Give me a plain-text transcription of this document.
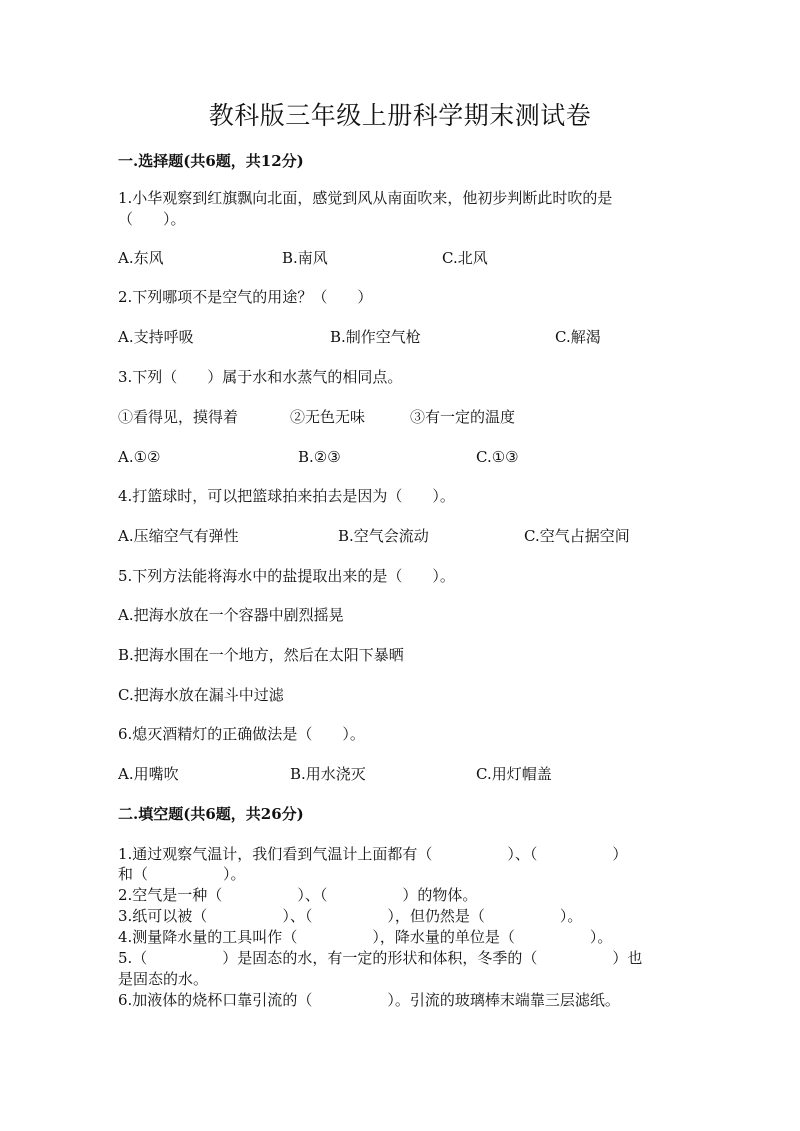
教科版三年级上册科学期末测试卷
一.选择题(共6题，共12分)
1.小华观察到红旗飘向北面，感觉到风从南面吹来，他初步判断此时吹的是
（　　）。
A.东风	B.南风	C.北风
2.下列哪项不是空气的用途？（　　）
A.支持呼吸	B.制作空气枪	C.解渴
3.下列（　　）属于水和水蒸气的相同点。
①看得见，摸得着	②无色无味	③有一定的温度
A.①②	B.②③	C.①③
4.打篮球时，可以把篮球拍来拍去是因为（　　）。
A.压缩空气有弹性	B.空气会流动	C.空气占据空间
5.下列方法能将海水中的盐提取出来的是（　　）。
A.把海水放在一个容器中剧烈摇晃
B.把海水围在一个地方，然后在太阳下暴晒
C.把海水放在漏斗中过滤
6.熄灭酒精灯的正确做法是（　　）。
A.用嘴吹	B.用水浇灭	C.用灯帽盖
二.填空题(共6题，共26分)
1.通过观察气温计，我们看到气温计上面都有（　　　　　）、（　　　　　）
和（　　　　　）。
2.空气是一种（　　　　　）、（　　　　　）的物体。
3.纸可以被（　　　　　）、（　　　　　），但仍然是（　　　　　）。
4.测量降水量的工具叫作（　　　　　），降水量的单位是（　　　　　）。
5.（　　　　　）是固态的水，有一定的形状和体积，冬季的（　　　　　）也
是固态的水。
6.加液体的烧杯口靠引流的（　　　　　）。引流的玻璃棒末端靠三层滤纸。
